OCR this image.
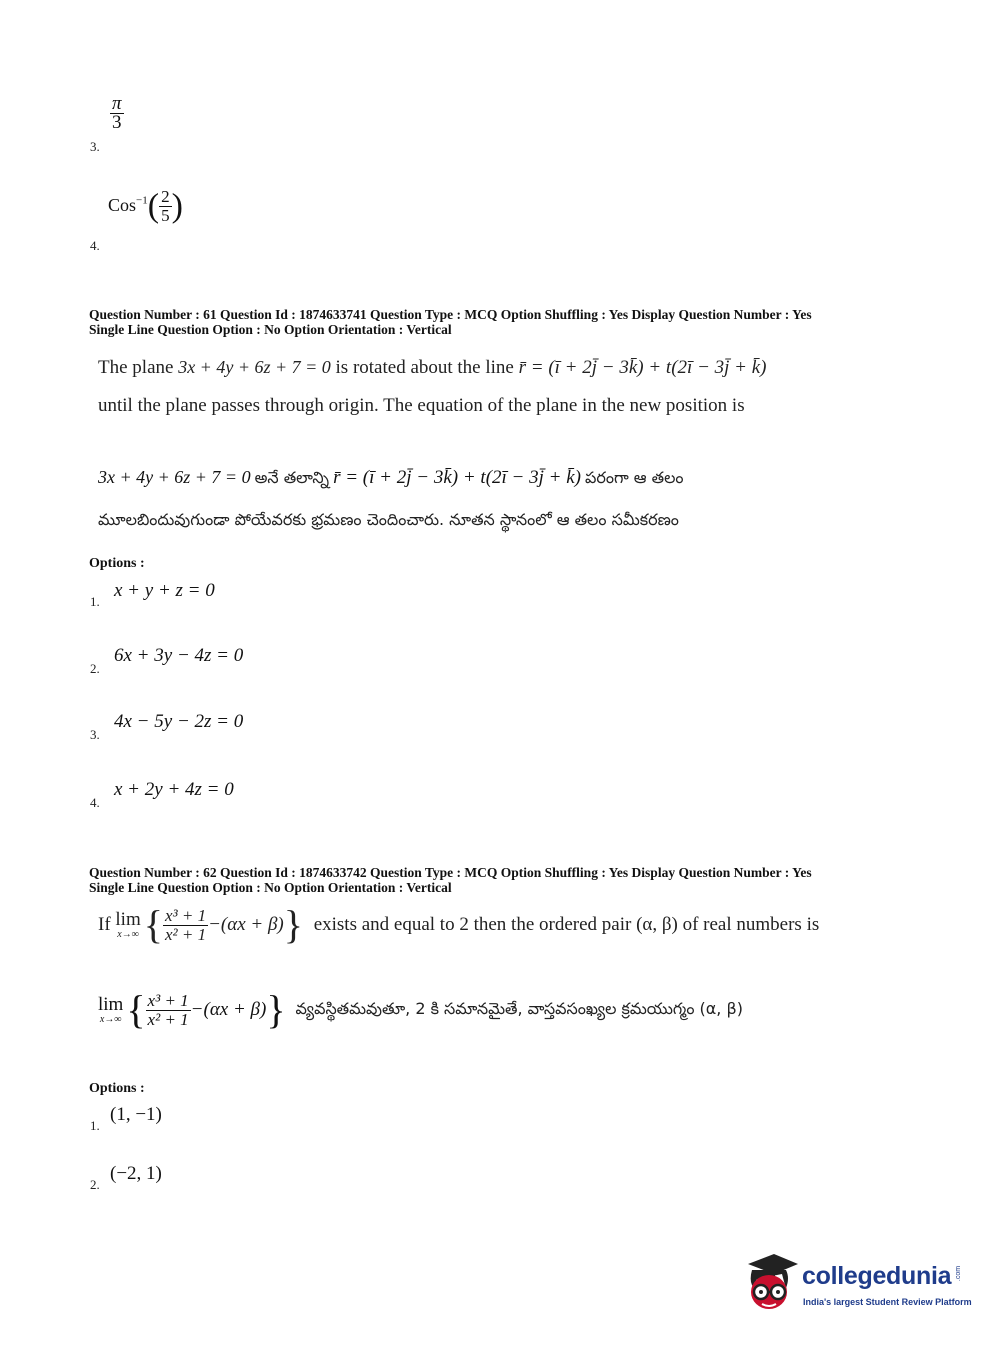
3.
$\frac{\pi}{3}$
4.
$Cos^{-1}( \frac{2}{5}$ )
Question Number : 61 Question Id : 1874633741 Question Type : MCQ Option Shuffling : Yes Display Question Number : Yes
Single Line Question Option : No Option Orientation : Vertical
The plane 3x + 4y + 6z + 7 = 0 is rotated about the line r̄ = (ī + 2j̄ − 3k̄) + t(2ī − 3j̄ + k̄)
until the plane passes through origin. The equation of the plane in the new position is
3x + 4y + 6z + 7 = 0 అనే తలాన్ని r̄ = (ī + 2j̄ − 3k̄) + t(2ī − 3j̄ + k̄) పరంగా ఆ తలం
మూలబిందువుగుండా పోయేవరకు భ్రమణం చెందించారు. నూతన స్థానంలో ఆ తలం సమీకరణం
Options :
1.
x + y + z = 0
2.
6x + 3y − 4z = 0
3.
4x − 5y − 2z = 0
4.
x + 2y + 4z = 0
Question Number : 62 Question Id : 1874633742 Question Type : MCQ Option Shuffling : Yes Display Question Number : Yes
Single Line Question Option : No Option Orientation : Vertical
If lim
x→∞ { $\frac{\text{x³ + 1}}{\text{x² + 1}} -(\alpha x + \beta)$} exists and equal to 2 then the ordered pair (α, β) of real numbers is
lim
x→∞ { $\frac{\text{x³ + 1}}{\text{x² + 1}} -(\alpha x + \beta)$} వ్యవస్థితమవుతూ, 2 కి సమానమైతే, వాస్తవసంఖ్యల క్రమయుగ్మం (α, β)
Options :
1.
(1, −1)
2.
(−2, 1)
collegedunia .com
India's largest Student Review Platform
